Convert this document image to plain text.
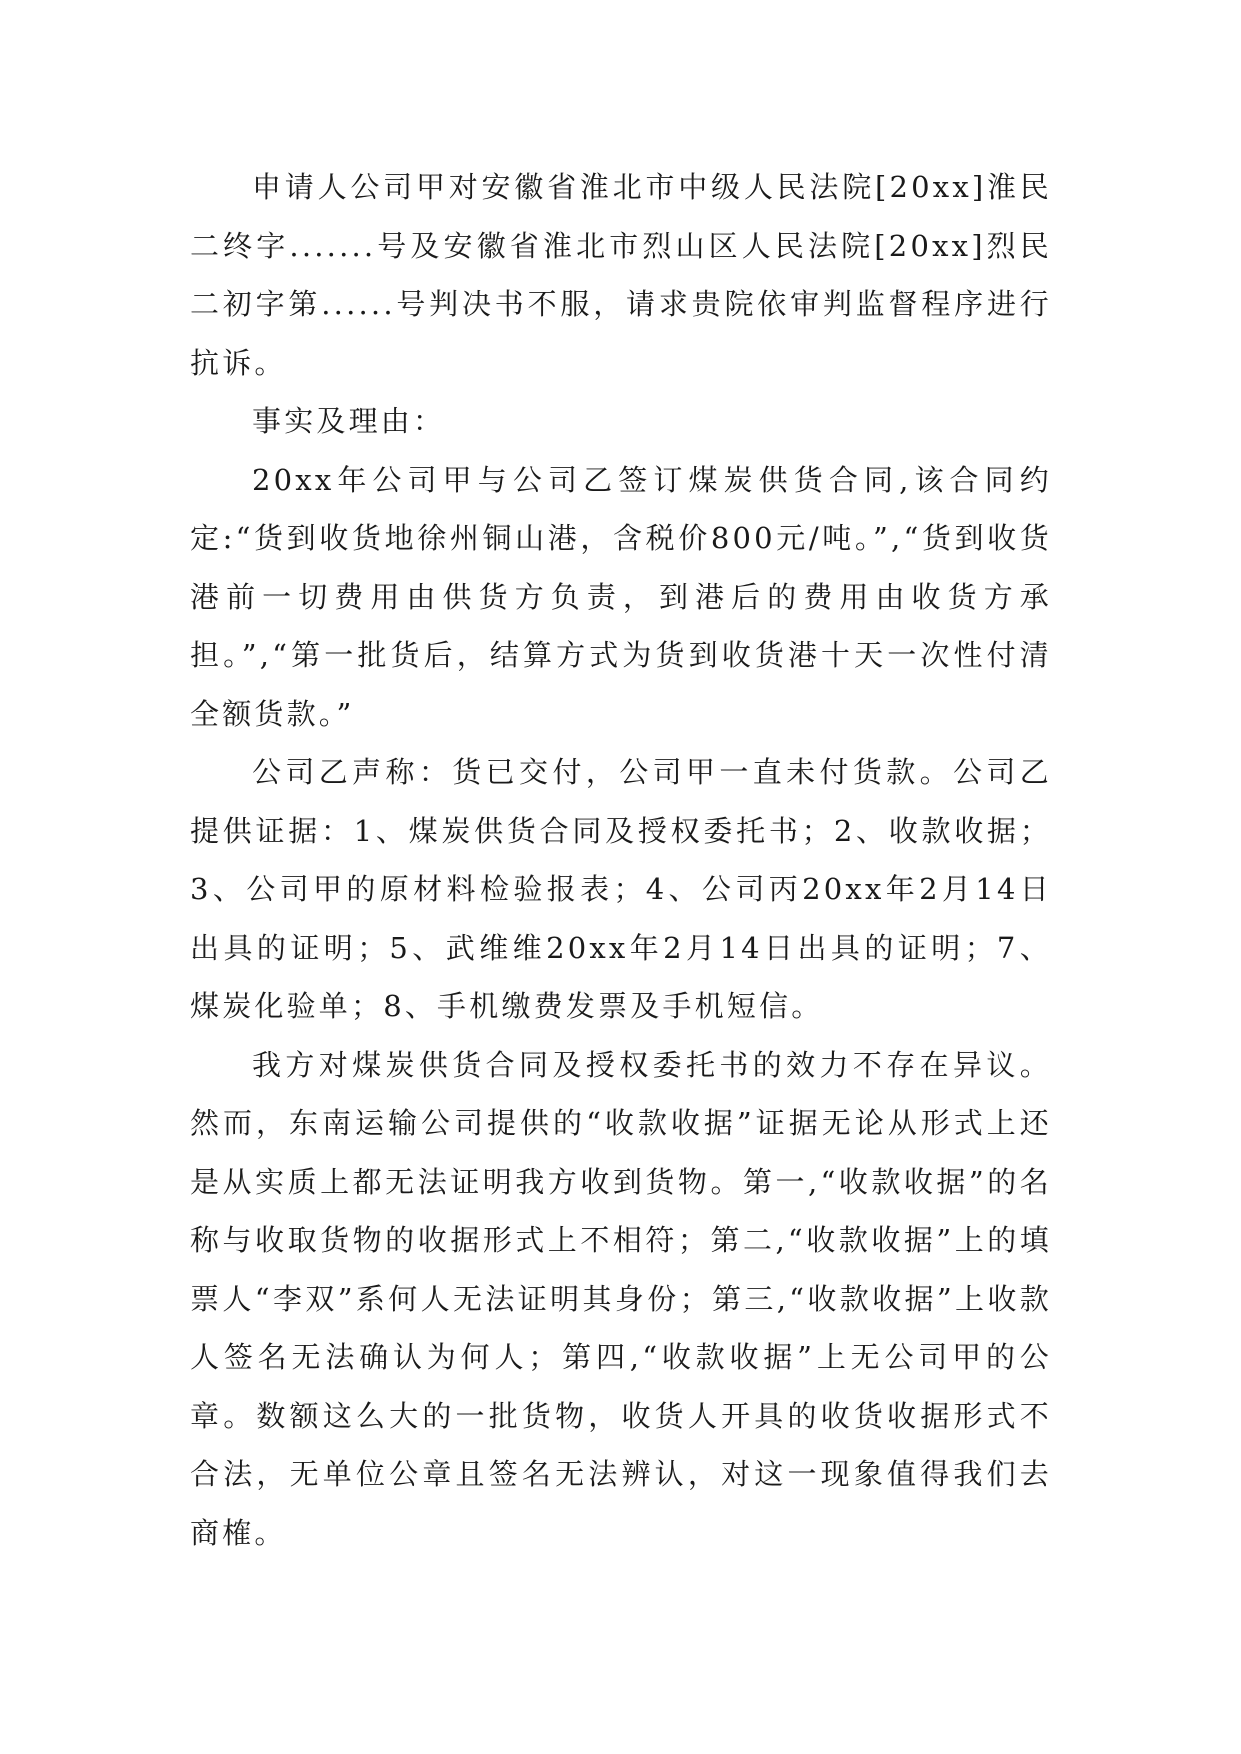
申请人公司甲对安徽省淮北市中级人民法院[20xx]淮民二终字.......号及安徽省淮北市烈山区人民法院[20xx]烈民二初字第......号判决书不服，请求贵院依审判监督程序进行抗诉。

事实及理由：

20xx年公司甲与公司乙签订煤炭供货合同,该合同约定:“货到收货地徐州铜山港，含税价800元/吨。”,“货到收货港前一切费用由供货方负责，到港后的费用由收货方承担。”,“第一批货后，结算方式为货到收货港十天一次性付清全额货款。”

公司乙声称：货已交付，公司甲一直未付货款。公司乙提供证据：1、煤炭供货合同及授权委托书；2、收款收据；3、公司甲的原材料检验报表；4、公司丙20xx年2月14日出具的证明；5、武维维20xx年2月14日出具的证明；7、煤炭化验单；8、手机缴费发票及手机短信。

我方对煤炭供货合同及授权委托书的效力不存在异议。然而，东南运输公司提供的“收款收据”证据无论从形式上还是从实质上都无法证明我方收到货物。第一,“收款收据”的名称与收取货物的收据形式上不相符；第二,“收款收据”上的填票人“李双”系何人无法证明其身份；第三,“收款收据”上收款人签名无法确认为何人；第四,“收款收据”上无公司甲的公章。数额这么大的一批货物，收货人开具的收货收据形式不合法，无单位公章且签名无法辨认，对这一现象值得我们去商榷。
